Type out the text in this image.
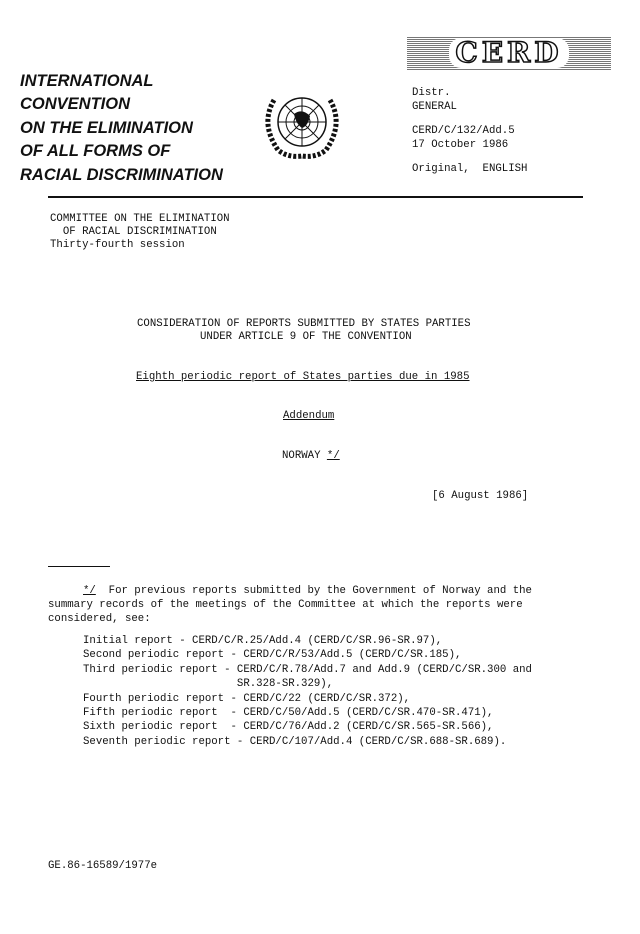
INTERNATIONAL
CONVENTION
ON THE ELIMINATION
OF ALL FORMS OF
RACIAL DISCRIMINATION
CERD
Distr.
GENERAL
CERD/C/132/Add.5
17 October 1986
Original,  ENGLISH
COMMITTEE ON THE ELIMINATION
OF RACIAL DISCRIMINATION
Thirty-fourth session
CONSIDERATION OF REPORTS SUBMITTED BY STATES PARTIES
UNDER ARTICLE 9 OF THE CONVENTION
Eighth periodic report of States parties due in 1985
Addendum
NORWAY */
[6 August 1986]
*/  For previous reports submitted by the Government of Norway and the
summary records of the meetings of the Committee at which the reports were
considered, see:
Initial report - CERD/C/R.25/Add.4 (CERD/C/SR.96-SR.97),
Second periodic report - CERD/C/R/53/Add.5 (CERD/C/SR.185),
Third periodic report - CERD/C/R.78/Add.7 and Add.9 (CERD/C/SR.300 and
SR.328-SR.329),
Fourth periodic report - CERD/C/22 (CERD/C/SR.372),
Fifth periodic report  - CERD/C/50/Add.5 (CERD/C/SR.470-SR.471),
Sixth periodic report  - CERD/C/76/Add.2 (CERD/C/SR.565-SR.566),
Seventh periodic report - CERD/C/107/Add.4 (CERD/C/SR.688-SR.689).
GE.86-16589/1977e
